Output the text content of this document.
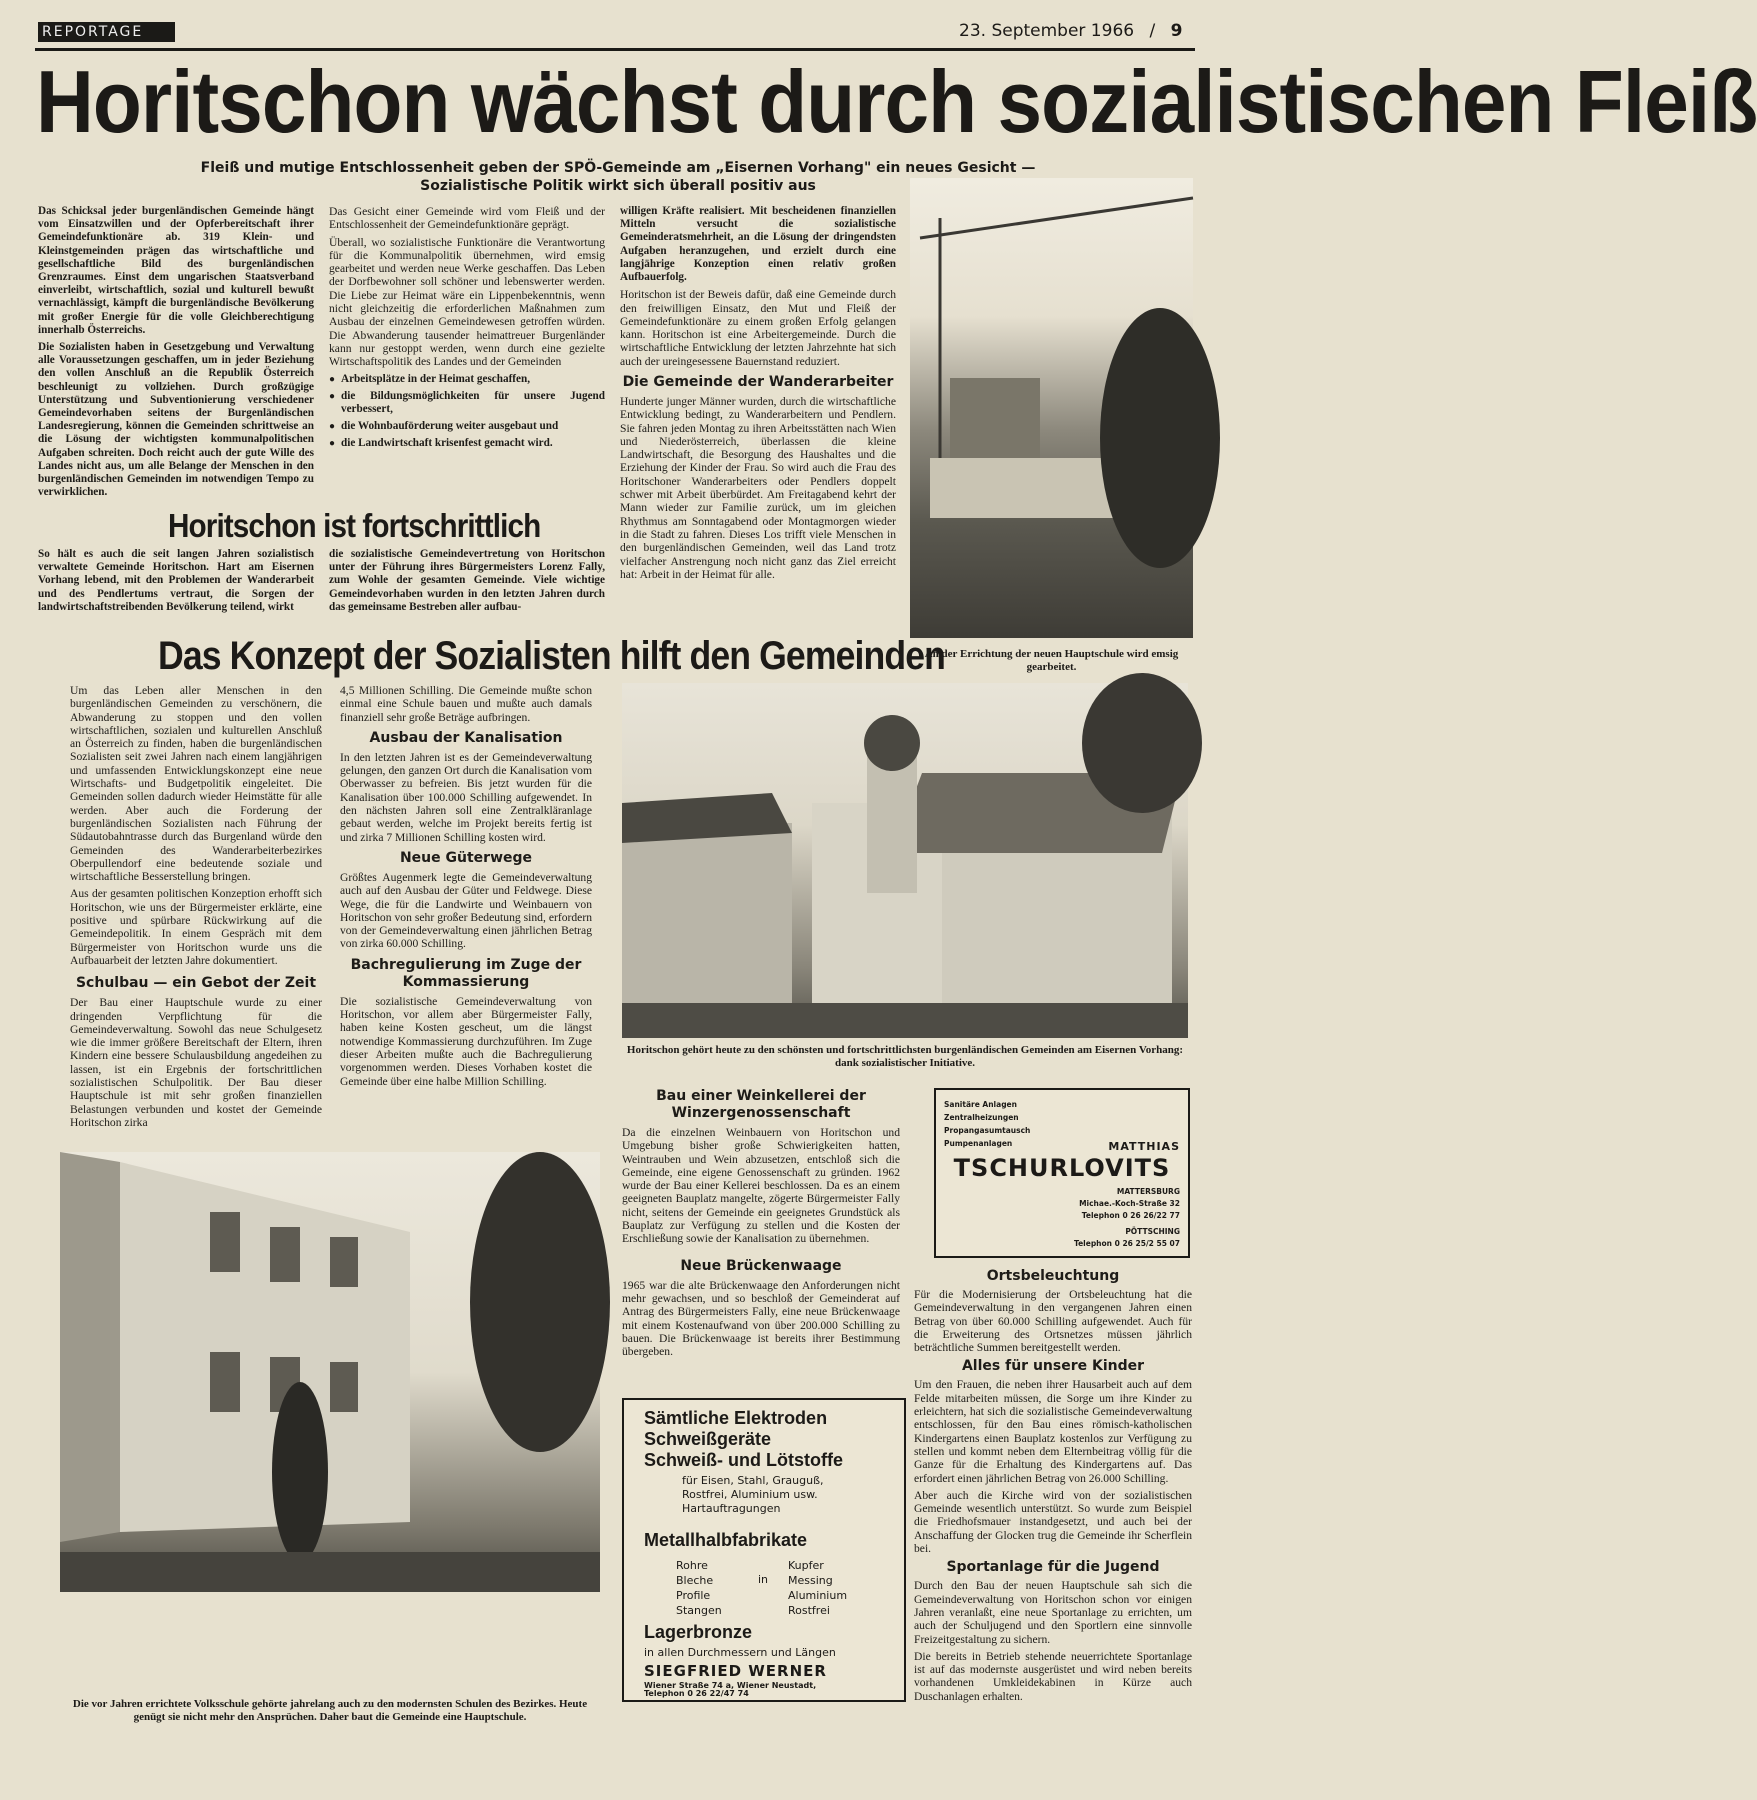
REPORTAGE	23. September 1966 / 9
Horitschon wächst durch sozialistischen Fleiß
Fleiß und mutige Entschlossenheit geben der SPÖ-Gemeinde am „Eisernen Vorhang" ein neues Gesicht —
Sozialistische Politik wirkt sich überall positiv aus

Das Schicksal jeder burgenländischen Gemeinde hängt vom Einsatzwillen und der Opferbereitschaft ihrer Gemeindefunktionäre ab. 319 Klein- und Kleinstgemeinden prägen das wirtschaftliche und gesellschaftliche Bild des burgenländischen Grenzraumes. Einst dem ungarischen Staatsverband einverleibt, wirtschaftlich, sozial und kulturell bewußt vernachlässigt, kämpft die burgenländische Bevölkerung mit großer Energie für die volle Gleichberechtigung innerhalb Österreichs.

Die Sozialisten haben in Gesetzgebung und Verwaltung alle Voraussetzungen geschaffen, um in jeder Beziehung den vollen Anschluß an die Republik Österreich beschleunigt zu vollziehen. Durch großzügige Unterstützung und Subventionierung verschiedener Gemeindevorhaben seitens der Burgenländischen Landesregierung, können die Gemeinden schrittweise an die Lösung der wichtigsten kommunalpolitischen Aufgaben schreiten. Doch reicht auch der gute Wille des Landes nicht aus, um alle Belange der Menschen in den burgenländischen Gemeinden im notwendigen Tempo zu verwirklichen.

Das Gesicht einer Gemeinde wird vom Fleiß und der Entschlossenheit der Gemeindefunktionäre geprägt.

Überall, wo sozialistische Funktionäre die Verantwortung für die Kommunalpolitik übernehmen, wird emsig gearbeitet und werden neue Werke geschaffen. Das Leben der Dorfbewohner soll schöner und lebenswerter werden. Die Liebe zur Heimat wäre ein Lippenbekenntnis, wenn nicht gleichzeitig die erforderlichen Maßnahmen zum Ausbau der einzelnen Gemeindewesen getroffen würden. Die Abwanderung tausender heimattreuer Burgenländer kann nur gestoppt werden, wenn durch eine gezielte Wirtschaftspolitik des Landes und der Gemeinden

● Arbeitsplätze in der Heimat geschaffen,
● die Bildungsmöglichkeiten für unsere Jugend verbessert,
● die Wohnbauförderung weiter ausgebaut und
● die Landwirtschaft krisenfest gemacht wird.

willigen Kräfte realisiert. Mit bescheidenen finanziellen Mitteln versucht die sozialistische Gemeinderatsmehrheit, an die Lösung der dringendsten Aufgaben heranzugehen, und erzielt durch eine langjährige Konzeption einen relativ großen Aufbauerfolg.

Horitschon ist der Beweis dafür, daß eine Gemeinde durch den freiwilligen Einsatz, den Mut und Fleiß der Gemeindefunktionäre zu einem großen Erfolg gelangen kann. Horitschon ist eine Arbeitergemeinde. Durch die wirtschaftliche Entwicklung der letzten Jahrzehnte hat sich auch der ureingesessene Bauernstand reduziert.

Die Gemeinde der Wanderarbeiter

Hunderte junger Männer wurden, durch die wirtschaftliche Entwicklung bedingt, zu Wanderarbeitern und Pendlern. Sie fahren jeden Montag zu ihren Arbeitsstätten nach Wien und Niederösterreich, überlassen die kleine Landwirtschaft, die Besorgung des Haushaltes und die Erziehung der Kinder der Frau. So wird auch die Frau des Horitschoner Wanderarbeiters oder Pendlers doppelt schwer mit Arbeit überbürdet. Am Freitagabend kehrt der Mann wieder zur Familie zurück, um im gleichen Rhythmus am Sonntagabend oder Montagmorgen wieder in die Stadt zu fahren. Dieses Los trifft viele Menschen in den burgenländischen Gemeinden, weil das Land trotz vielfacher Anstrengung noch nicht ganz das Ziel erreicht hat: Arbeit in der Heimat für alle.

An der Errichtung der neuen Hauptschule wird emsig gearbeitet.
Horitschon ist fortschrittlich
So hält es auch die seit langen Jahren sozialistisch verwaltete Gemeinde Horitschon. Hart am Eisernen Vorhang lebend, mit den Problemen der Wanderarbeit und des Pendlertums vertraut, die Sorgen der landwirtschaftstreibenden Bevölkerung teilend, wirkt
die sozialistische Gemeindevertretung von Horitschon unter der Führung ihres Bürgermeisters Lorenz Fally, zum Wohle der gesamten Gemeinde. Viele wichtige Gemeindevorhaben wurden in den letzten Jahren durch das gemeinsame Bestreben aller aufbau-
Das Konzept der Sozialisten hilft den Gemeinden

Um das Leben aller Menschen in den burgenländischen Gemeinden zu verschönern, die Abwanderung zu stoppen und den vollen wirtschaftlichen, sozialen und kulturellen Anschluß an Österreich zu finden, haben die burgenländischen Sozialisten seit zwei Jahren nach einem langjährigen und umfassenden Entwicklungskonzept eine neue Wirtschafts- und Budgetpolitik eingeleitet. Die Gemeinden sollen dadurch wieder Heimstätte für alle werden. Aber auch die Forderung der burgenländischen Sozialisten nach Führung der Südautobahntrasse durch das Burgenland würde den Gemeinden des Wanderarbeiterbezirkes Oberpullendorf eine bedeutende soziale und wirtschaftliche Besserstellung bringen.

Aus der gesamten politischen Konzeption erhofft sich Horitschon, wie uns der Bürgermeister erklärte, eine positive und spürbare Rückwirkung auf die Gemeindepolitik. In einem Gespräch mit dem Bürgermeister von Horitschon wurde uns die Aufbauarbeit der letzten Jahre dokumentiert.

Schulbau — ein Gebot der Zeit

Der Bau einer Hauptschule wurde zu einer dringenden Verpflichtung für die Gemeindeverwaltung. Sowohl das neue Schulgesetz wie die immer größere Bereitschaft der Eltern, ihren Kindern eine bessere Schulausbildung angedeihen zu lassen, ist ein Ergebnis der fortschrittlichen sozialistischen Schulpolitik. Der Bau dieser Hauptschule ist mit sehr großen finanziellen Belastungen verbunden und kostet der Gemeinde Horitschon zirka

4,5 Millionen Schilling. Die Gemeinde mußte schon einmal eine Schule bauen und mußte auch damals finanziell sehr große Beträge aufbringen.

Ausbau der Kanalisation

In den letzten Jahren ist es der Gemeindeverwaltung gelungen, den ganzen Ort durch die Kanalisation vom Oberwasser zu befreien. Bis jetzt wurden für die Kanalisation über 100.000 Schilling aufgewendet. In den nächsten Jahren soll eine Zentralkläranlage gebaut werden, welche im Projekt bereits fertig ist und zirka 7 Millionen Schilling kosten wird.

Neue Güterwege

Größtes Augenmerk legte die Gemeindeverwaltung auch auf den Ausbau der Güter und Feldwege. Diese Wege, die für die Landwirte und Weinbauern von Horitschon von sehr großer Bedeutung sind, erfordern von der Gemeindeverwaltung einen jährlichen Betrag von zirka 60.000 Schilling.

Bachregulierung im Zuge der Kommassierung

Die sozialistische Gemeindeverwaltung von Horitschon, vor allem aber Bürgermeister Fally, haben keine Kosten gescheut, um die längst notwendige Kommassierung durchzuführen. Im Zuge dieser Arbeiten mußte auch die Bachregulierung vorgenommen werden. Dieses Vorhaben kostet die Gemeinde über eine halbe Million Schilling.

Horitschon gehört heute zu den schönsten und fortschrittlichsten burgenländischen Gemeinden am Eisernen Vorhang: dank sozialistischer Initiative.
Die vor Jahren errichtete Volksschule gehörte jahrelang auch zu den modernsten Schulen des Bezirkes. Heute genügt sie nicht mehr den Ansprüchen. Daher baut die Gemeinde eine Hauptschule.
Bau einer Weinkellerei der Winzergenossenschaft

Da die einzelnen Weinbauern von Horitschon und Umgebung bisher große Schwierigkeiten hatten, Weintrauben und Wein abzusetzen, entschloß sich die Gemeinde, eine eigene Genossenschaft zu gründen. 1962 wurde der Bau einer Kellerei beschlossen. Da es an einem geeigneten Bauplatz mangelte, zögerte Bürgermeister Fally nicht, seitens der Gemeinde ein geeignetes Grundstück als Bauplatz zur Verfügung zu stellen und die Kosten der Erschließung sowie der Kanalisation zu übernehmen.

Neue Brückenwaage

1965 war die alte Brückenwaage den Anforderungen nicht mehr gewachsen, und so beschloß der Gemeinderat auf Antrag des Bürgermeisters Fally, eine neue Brückenwaage mit einem Kostenaufwand von über 200.000 Schilling zu bauen. Die Brückenwaage ist bereits ihrer Bestimmung übergeben.

Sanitäre Anlagen
Zentralheizungen
Propangasumtausch
Pumpenanlagen	MATTHIAS
TSCHURLOVITS
MATTERSBURG
Michae.-Koch-Straße 32
Telephon 0 26 26/22 77
PÖTTSCHING
Telephon 0 26 25/2 55 07
Sämtliche Elektroden
Schweißgeräte
Schweiß- und Lötstoffe
für Eisen, Stahl, Grauguß,
Rostfrei, Aluminium usw.
Hartauftragungen
Metallhalbfabrikate
Rohre
Bleche
Profile
Stangen
in
Kupfer
Messing
Aluminium
Rostfrei
Lagerbronze
in allen Durchmessern und Längen
SIEGFRIED WERNER
Wiener Straße 74 a, Wiener Neustadt,
Telephon 0 26 22/47 74
Ortsbeleuchtung

Für die Modernisierung der Ortsbeleuchtung hat die Gemeindeverwaltung in den vergangenen Jahren einen Betrag von über 60.000 Schilling aufgewendet. Auch für die Erweiterung des Ortsnetzes müssen jährlich beträchtliche Summen bereitgestellt werden.

Alles für unsere Kinder

Um den Frauen, die neben ihrer Hausarbeit auch auf dem Felde mitarbeiten müssen, die Sorge um ihre Kinder zu erleichtern, hat sich die sozialistische Gemeindeverwaltung entschlossen, für den Bau eines römisch-katholischen Kindergartens einen Bauplatz kostenlos zur Verfügung zu stellen und kommt neben dem Elternbeitrag völlig für die Ganze für die Erhaltung des Kindergartens auf. Das erfordert einen jährlichen Betrag von 26.000 Schilling.

Aber auch die Kirche wird von der sozialistischen Gemeinde wesentlich unterstützt. So wurde zum Beispiel die Friedhofsmauer instandgesetzt, und auch bei der Anschaffung der Glocken trug die Gemeinde ihr Scherflein bei.

Sportanlage für die Jugend

Durch den Bau der neuen Hauptschule sah sich die Gemeindeverwaltung von Horitschon schon vor einigen Jahren veranlaßt, eine neue Sportanlage zu errichten, um auch der Schuljugend und den Sportlern eine sinnvolle Freizeitgestaltung zu sichern.

Die bereits in Betrieb stehende neuerrichtete Sportanlage ist auf das modernste ausgerüstet und wird neben bereits vorhandenen Umkleidekabinen in Kürze auch Duschanlagen erhalten.
